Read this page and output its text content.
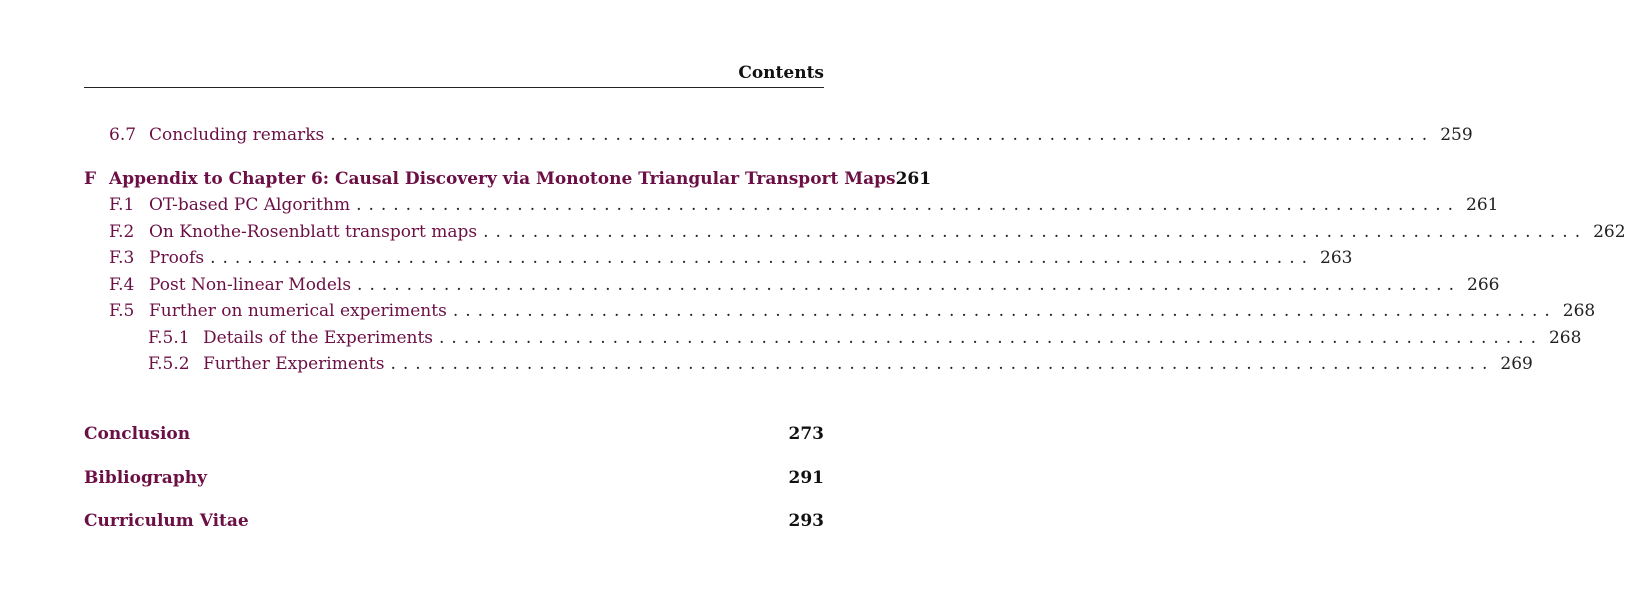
Contents
6.7 Concluding remarks ......................................................................................... 259
F Appendix to Chapter 6: Causal Discovery via Monotone Triangular Transport Maps 261
F.1 OT-based PC Algorithm ......................................................................................... 261
F.2 On Knothe-Rosenblatt transport maps ......................................................................................... 262
F.3 Proofs ......................................................................................... 263
F.4 Post Non-linear Models ......................................................................................... 266
F.5 Further on numerical experiments ......................................................................................... 268
F.5.1 Details of the Experiments ......................................................................................... 268
F.5.2 Further Experiments ......................................................................................... 269
Conclusion	273
Bibliography	291
Curriculum Vitae	293
